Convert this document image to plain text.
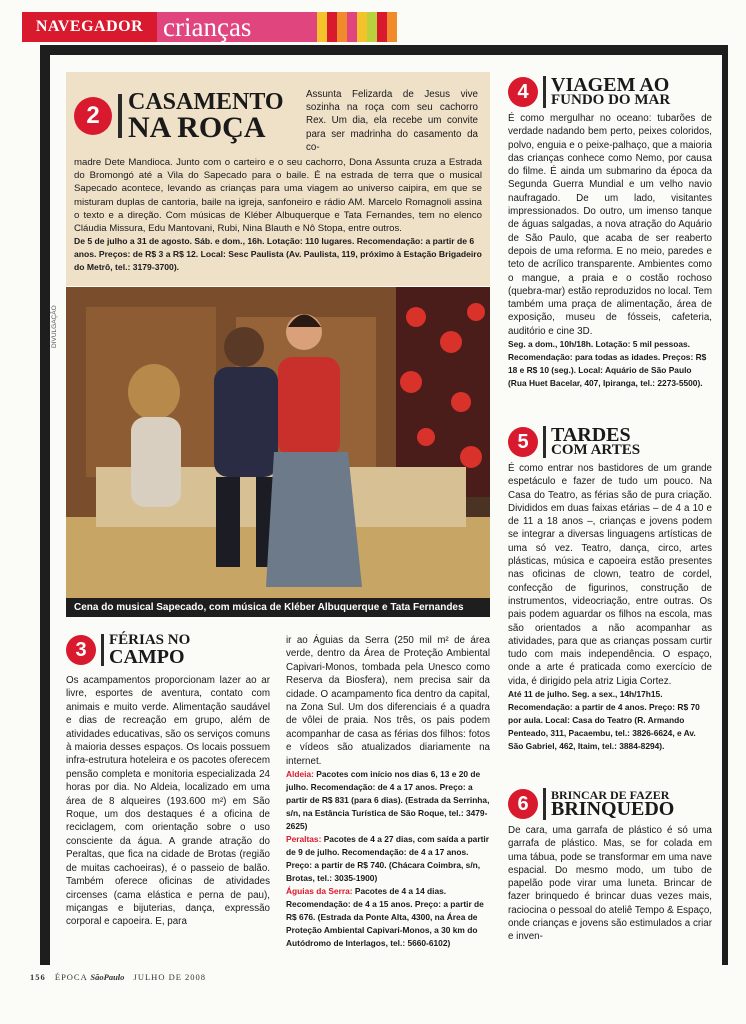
NAVEGADOR crianças
2
CASAMENTO
NA ROÇA
Assunta Felizarda de Jesus vive sozinha na roça com seu cachorro Rex. Um dia, ela recebe um convite para ser madrinha do casamento da co-
madre Dete Mandioca. Junto com o carteiro e o seu cachorro, Dona Assunta cruza a Estrada do Bromongó até a Vila do Sapecado para o baile. É na estrada de terra que o musical Sapecado acontece, levando as crianças para uma viagem ao universo caipira, em que se misturam duplas de cantoria, baile na igreja, sanfoneiro e rádio AM. Marcelo Romagnoli assina o texto e a direção. Com músicas de Kléber Albuquerque e Tata Fernandes, tem no elenco Cláudia Missura, Edu Mantovani, Rubi, Nina Blauth e Nô Stopa, entre outros.
De 5 de julho a 31 de agosto. Sáb. e dom., 16h. Lotação: 110 lugares. Recomendação: a partir de 6 anos. Preços: de R$ 3 a R$ 12. Local: Sesc Paulista (Av. Paulista, 119, próximo à Estação Brigadeiro do Metrô, tel.: 3179-3700).
DIVULGAÇÃO
Cena do musical Sapecado, com música de Kléber Albuquerque e Tata Fernandes
4	VIAGEM AO
FUNDO DO MAR
É como mergulhar no oceano: tubarões de verdade nadando bem perto, peixes coloridos, polvo, enguia e o peixe-palhaço, que a maioria das crianças conhece como Nemo, por causa do filme. É ainda um submarino da época da Segunda Guerra Mundial e um velho navio naufragado. De um lado, visitantes impressionados. Do outro, um imenso tanque de águas salgadas, a nova atração do Aquário de São Paulo, que acaba de ser reaberto depois de uma reforma. E no meio, paredes e teto de acrílico transparente. Ambientes como o mangue, a praia e o costão rochoso (quebra-mar) estão reproduzidos no local. Tem também uma praça de alimentação, área de exposição, museu de fósseis, cafeteria, auditório e cine 3D.
Seg. a dom., 10h/18h. Lotação: 5 mil pessoas. Recomendação: para todas as idades. Preços: R$ 18 e R$ 10 (seg.). Local: Aquário de São Paulo (Rua Huet Bacelar, 407, Ipiranga, tel.: 2273-5500).
5	TARDES
COM ARTES
É como entrar nos bastidores de um grande espetáculo e fazer de tudo um pouco. Na Casa do Teatro, as férias são de pura criação. Divididos em duas faixas etárias – de 4 a 10 e de 11 a 18 anos –, crianças e jovens podem se integrar a diversas linguagens artísticas de uma só vez. Teatro, dança, circo, artes plásticas, música e capoeira estão presentes nas oficinas de clown, teatro de cordel, confecção de figurinos, construção de instrumentos, videocriação, entre outras. Os pais podem aguardar os filhos na escola, mas são orientados a não acompanhar as atividades, para que as crianças possam curtir tudo com mais independência. O espaço, onde a arte é praticada como exercício de vida, é dirigido pela atriz Ligia Cortez.
Até 11 de julho. Seg. a sex., 14h/17h15. Recomendação: a partir de 4 anos. Preço: R$ 70 por aula. Local: Casa do Teatro (R. Armando Penteado, 311, Pacaembu, tel.: 3826-6624, e Av. São Gabriel, 462, Itaim, tel.: 3884-8294).
6	BRINCAR DE FAZER
BRINQUEDO
De cara, uma garrafa de plástico é só uma garrafa de plástico. Mas, se for colada em uma tábua, pode se transformar em uma nave espacial. Do mesmo modo, um tubo de papelão pode virar uma luneta. Brincar de fazer brinquedo é brincar duas vezes mais, raciocina o pessoal do ateliê Tempo & Espaço, onde crianças e jovens são estimulados a criar e inven-
3	FÉRIAS NO
CAMPO
Os acampamentos proporcionam lazer ao ar livre, esportes de aventura, contato com animais e muito verde. Alimentação saudável e dias de recreação em grupo, além de atividades educativas, são os serviços comuns à maioria desses espaços. Os locais possuem infra-estrutura hoteleira e os pacotes oferecem pensão completa e monitoria especializada 24 horas por dia. No Aldeia, localizado em uma área de 8 alqueires (193.600 m²) em São Roque, um dos destaques é a oficina de reciclagem, com orientação sobre o uso consciente da água. A grande atração do Peraltas, que fica na cidade de Brotas (região de muitas cachoeiras), é o passeio de balão. Também oferece oficinas de atividades circenses (cama elástica e perna de pau), miçangas e bijuterias, dança, expressão corporal e capoeira. E, para
ir ao Águias da Serra (250 mil m² de área verde, dentro da Área de Proteção Ambiental Capivari-Monos, tombada pela Unesco como Reserva da Biosfera), nem precisa sair da cidade. O acampamento fica dentro da capital, na Zona Sul. Um dos diferenciais é a quadra de vôlei de praia. Nos três, os pais podem acompanhar de casa as férias dos filhos: fotos e vídeos são atualizados diariamente na internet.
Aldeia: Pacotes com início nos dias 6, 13 e 20 de julho. Recomendação: de 4 a 17 anos. Preço: a partir de R$ 831 (para 6 dias). (Estrada da Serrinha, s/n, na Estância Turística de São Roque, tel.: 3479-2625)
Peraltas: Pacotes de 4 a 27 dias, com saída a partir de 9 de julho. Recomendação: de 4 a 17 anos. Preço: a partir de R$ 740. (Chácara Coimbra, s/n, Brotas, tel.: 3035-1900)
Águias da Serra: Pacotes de 4 a 14 dias. Recomendação: de 4 a 15 anos. Preço: a partir de R$ 676. (Estrada da Ponte Alta, 4300, na Área de Proteção Ambiental Capivari-Monos, a 30 km do Autódromo de Interlagos, tel.: 5660-6102)
156 ÉPOCA SãoPaulo JULHO DE 2008
